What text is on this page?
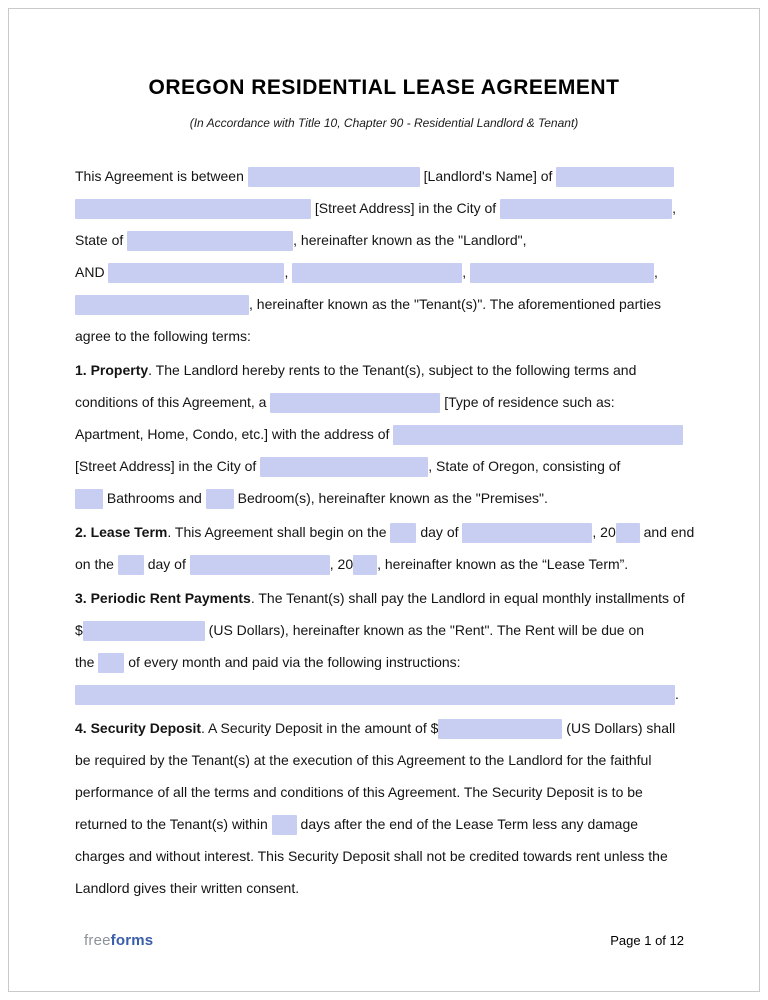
OREGON RESIDENTIAL LEASE AGREEMENT
(In Accordance with Title 10, Chapter 90 - Residential Landlord & Tenant)
This Agreement is between	[Landlord's Name] of
[Street Address] in the City of	,
State of	, hereinafter known as the "Landlord",
AND	,	,	,
, hereinafter known as the "Tenant(s)". The aforementioned parties
agree to the following terms:
1. Property. The Landlord hereby rents to the Tenant(s), subject to the following terms and
conditions of this Agreement, a	[Type of residence such as:
Apartment, Home, Condo, etc.] with the address of
[Street Address] in the City of	, State of Oregon, consisting of
Bathrooms and  Bedroom(s), hereinafter known as the "Premises".
2. Lease Term. This Agreement shall begin on the  day of	, 20 and end
on the  day of	, 20 , hereinafter known as the “Lease Term”.
3. Periodic Rent Payments. The Tenant(s) shall pay the Landlord in equal monthly installments of
$	(US Dollars), hereinafter known as the "Rent". The Rent will be due on
the  of every month and paid via the following instructions:
.
4. Security Deposit. A Security Deposit in the amount of $	(US Dollars) shall
be required by the Tenant(s) at the execution of this Agreement to the Landlord for the faithful
performance of all the terms and conditions of this Agreement. The Security Deposit is to be
returned to the Tenant(s) within  days after the end of the Lease Term less any damage
charges and without interest. This Security Deposit shall not be credited towards rent unless the
Landlord gives their written consent.
freeforms	Page 1 of 12
